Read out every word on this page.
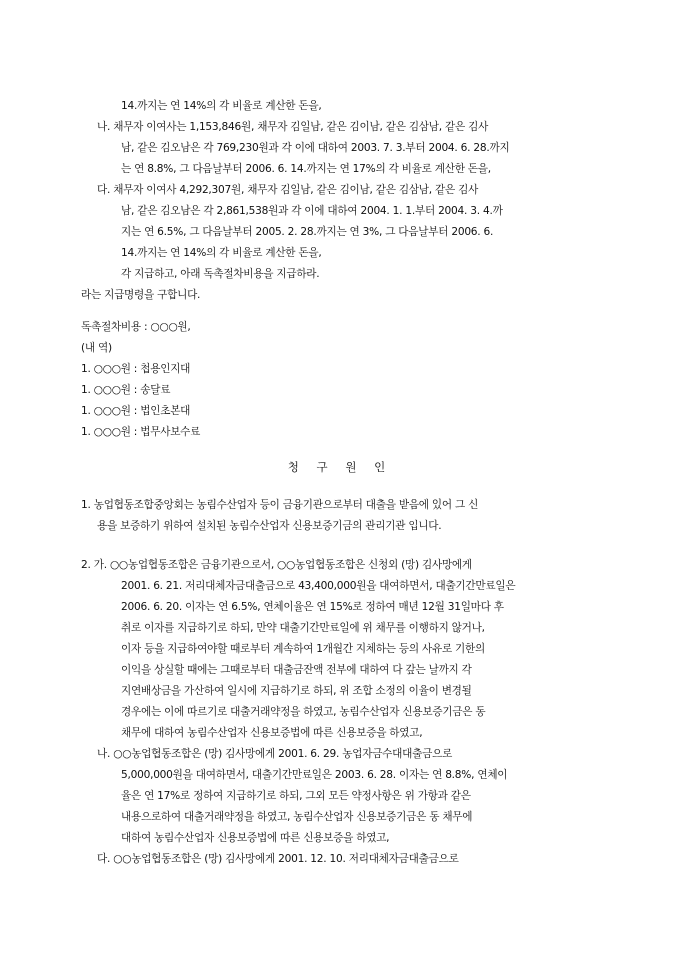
14.까지는 연 14%의 각 비율로 계산한 돈을,
나. 채무자 이여사는 1,153,846원, 채무자 김일남, 같은 김이남, 같은 김삼남, 같은 김사
남, 같은 김오남은 각 769,230원과 각 이에 대하여 2003. 7. 3.부터 2004. 6. 28.까지
는 연 8.8%, 그 다음날부터 2006. 6. 14.까지는 연 17%의 각 비율로 계산한 돈을,
다. 채무자 이여사 4,292,307원, 채무자 김일남, 같은 김이남, 같은 김삼남, 같은 김사
남, 같은 김오남은 각 2,861,538원과 각 이에 대하여 2004. 1. 1.부터 2004. 3. 4.까
지는 연 6.5%, 그 다음날부터 2005. 2. 28.까지는 연 3%, 그 다음날부터 2006. 6.
14.까지는 연 14%의 각 비율로 계산한 돈을,
각 지급하고, 아래 독촉절차비용을 지급하라.
라는 지급명령을 구합니다.
독촉절차비용 : ○○○원,
(내 역)
1. ○○○원 : 첩용인지대
1. ○○○원 : 송달료
1. ○○○원 : 법인초본대
1. ○○○원 : 법무사보수료
청 구 원 인
1. 농업협동조합중앙회는 농림수산업자 등이 금융기관으로부터 대출을 받음에 있어 그 신
용을 보증하기 위하여 설치된 농림수산업자 신용보증기금의 관리기관 입니다.
2. 가. ○○농업협동조합은 금융기관으로서, ○○농업협동조합은 신청외 (망) 김사망에게
2001. 6. 21. 저리대체자금대출금으로 43,400,000원을 대여하면서, 대출기간만료일은
2006. 6. 20. 이자는 연 6.5%, 연체이율은 연 15%로 정하여 매년 12월 31일마다 후
취로 이자를 지급하기로 하되, 만약 대출기간만료일에 위 채무를 이행하지 않거나,
이자 등을 지급하여야할 때로부터 계속하여 1개월간 지체하는 등의 사유로 기한의
이익을 상실할 때에는 그때로부터 대출금잔액 전부에 대하여 다 갚는 날까지 각
지연배상금을 가산하여 일시에 지급하기로 하되, 위 조합 소정의 이율이 변경될
경우에는 이에 따르기로 대출거래약정을 하였고, 농림수산업자 신용보증기금은 동
채무에 대하여 농림수산업자 신용보증법에 따른 신용보증을 하였고,
나. ○○농업협동조합은 (망) 김사망에게 2001. 6. 29. 농업자금수대대출금으로
5,000,000원을 대여하면서, 대출기간만료일은 2003. 6. 28. 이자는 연 8.8%, 연체이
율은 연 17%로 정하여 지급하기로 하되, 그외 모든 약정사항은 위 가항과 같은
내용으로하여 대출거래약정을 하였고, 농림수산업자 신용보증기금은 동 채무에
대하여 농림수산업자 신용보증법에 따른 신용보증을 하였고,
다. ○○농업협동조합은 (망) 김사망에게 2001. 12. 10. 저리대체자금대출금으로
